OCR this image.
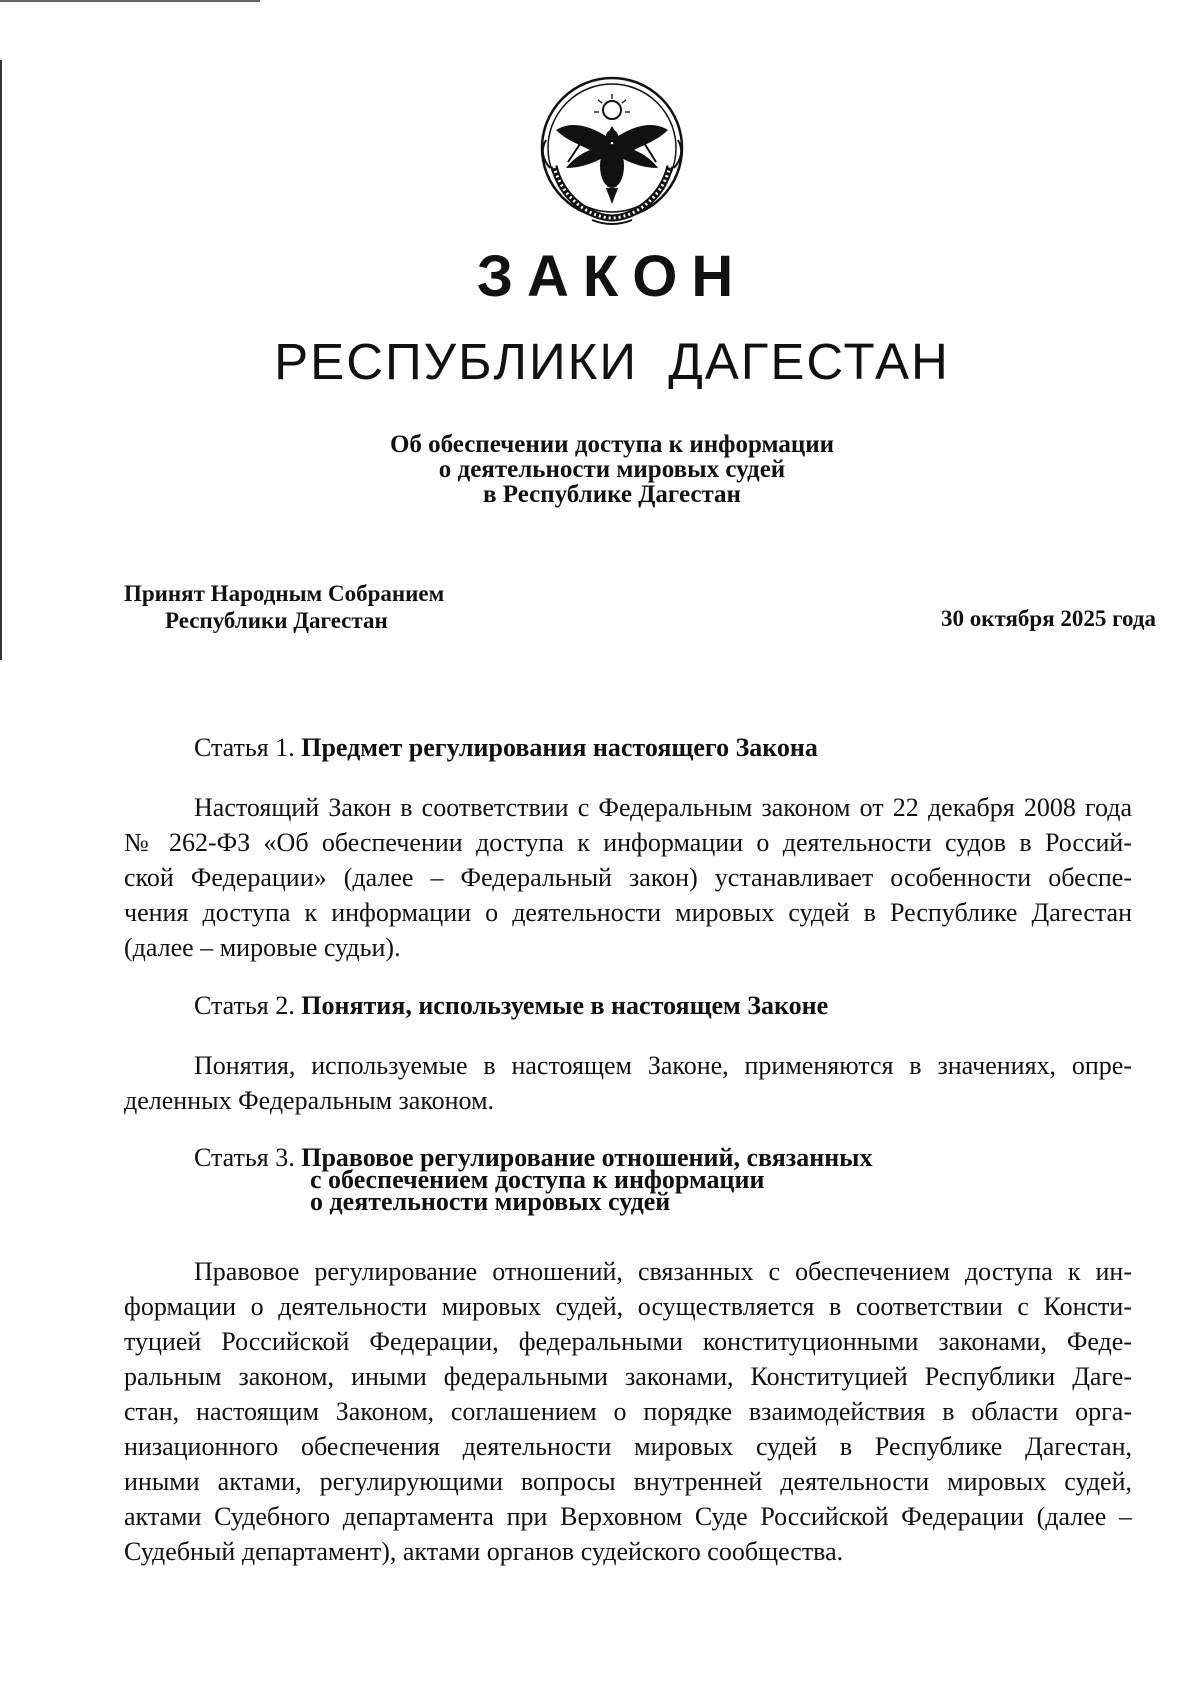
ЗАКОН
РЕСПУБЛИКИ ДАГЕСТАН
Об обеспечении доступа к информации
о деятельности мировых судей
в Республике Дагестан
Принят Народным Собранием
Республики Дагестан	30 октября 2025 года
Статья 1. Предмет регулирования настоящего Закона
Настоящий Закон в соответствии с Федеральным законом от 22 декабря 2008 года
№ 262-ФЗ «Об обеспечении доступа к информации о деятельности судов в Россий-
ской Федерации» (далее – Федеральный закон) устанавливает особенности обеспе-
чения доступа к информации о деятельности мировых судей в Республике Дагестан
(далее – мировые судьи).
Статья 2. Понятия, используемые в настоящем Законе
Понятия, используемые в настоящем Законе, применяются в значениях, опре-
деленных Федеральным законом.
Статья 3. Правовое регулирование отношений, связанных
с обеспечением доступа к информации
о деятельности мировых судей
Правовое регулирование отношений, связанных с обеспечением доступа к ин-
формации о деятельности мировых судей, осуществляется в соответствии с Консти-
туцией Российской Федерации, федеральными конституционными законами, Феде-
ральным законом, иными федеральными законами, Конституцией Республики Даге-
стан, настоящим Законом, соглашением о порядке взаимодействия в области орга-
низационного обеспечения деятельности мировых судей в Республике Дагестан,
иными актами, регулирующими вопросы внутренней деятельности мировых судей,
актами Судебного департамента при Верховном Суде Российской Федерации (далее –
Судебный департамент), актами органов судейского сообщества.
